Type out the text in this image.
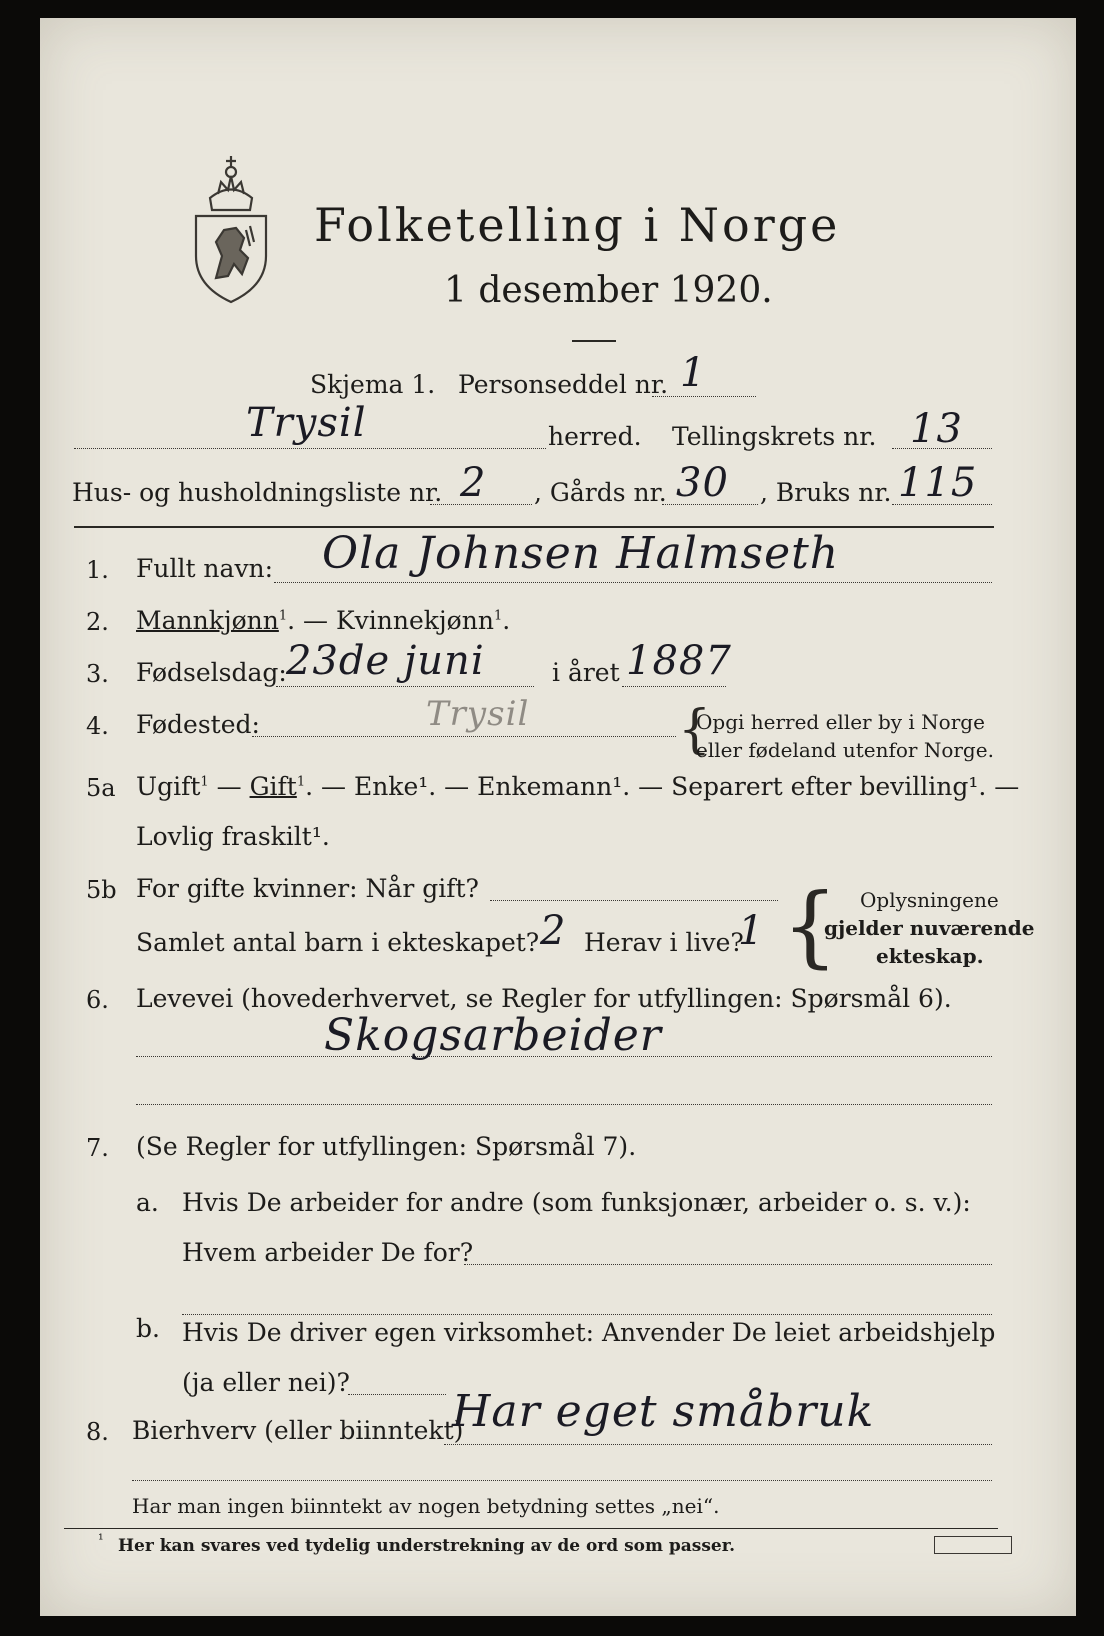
Folketelling i Norge
1 desember 1920.
Skjema 1. Personseddel nr. 1
Trysil	herred. Tellingskrets nr. 13
Hus- og husholdningsliste nr. 2 , Gårds nr. 30 , Bruks nr. 115
1. Fullt navn: Ola Johnsen Halmseth
2. Mannkjønn$^1$. — Kvinnekjønn$^1$.
3. Fødselsdag: 23de juni	i året 1887
4. Fødested:	Trysil	{
Opgi herred eller by i Norge
eller fødeland utenfor Norge.
5a Ugift$^1$ — Gift$^1$. — Enke¹. — Enkemann¹. — Separert efter bevilling¹. —
Lovlig fraskilt¹.
5b For gifte kvinner: Når gift?
Samlet antal barn i ekteskapet? 2 Herav i live?
1 { Oplysningene
gjelder nuværende
ekteskap.
6. Levevei (hovederhvervet, se Regler for utfyllingen: Spørsmål 6).
Skogsarbeider
7. (Se Regler for utfyllingen: Spørsmål 7).
a. Hvis De arbeider for andre (som funksjonær, arbeider o. s. v.):
Hvem arbeider De for?
b. Hvis De driver egen virksomhet: Anvender De leiet arbeidshjelp
(ja eller nei)?
8. Bierhverv (eller biinntekt)
Har eget småbruk
Har man ingen biinntekt av nogen betydning settes „nei“.
¹ Her kan svares ved tydelig understrekning av de ord som passer.
